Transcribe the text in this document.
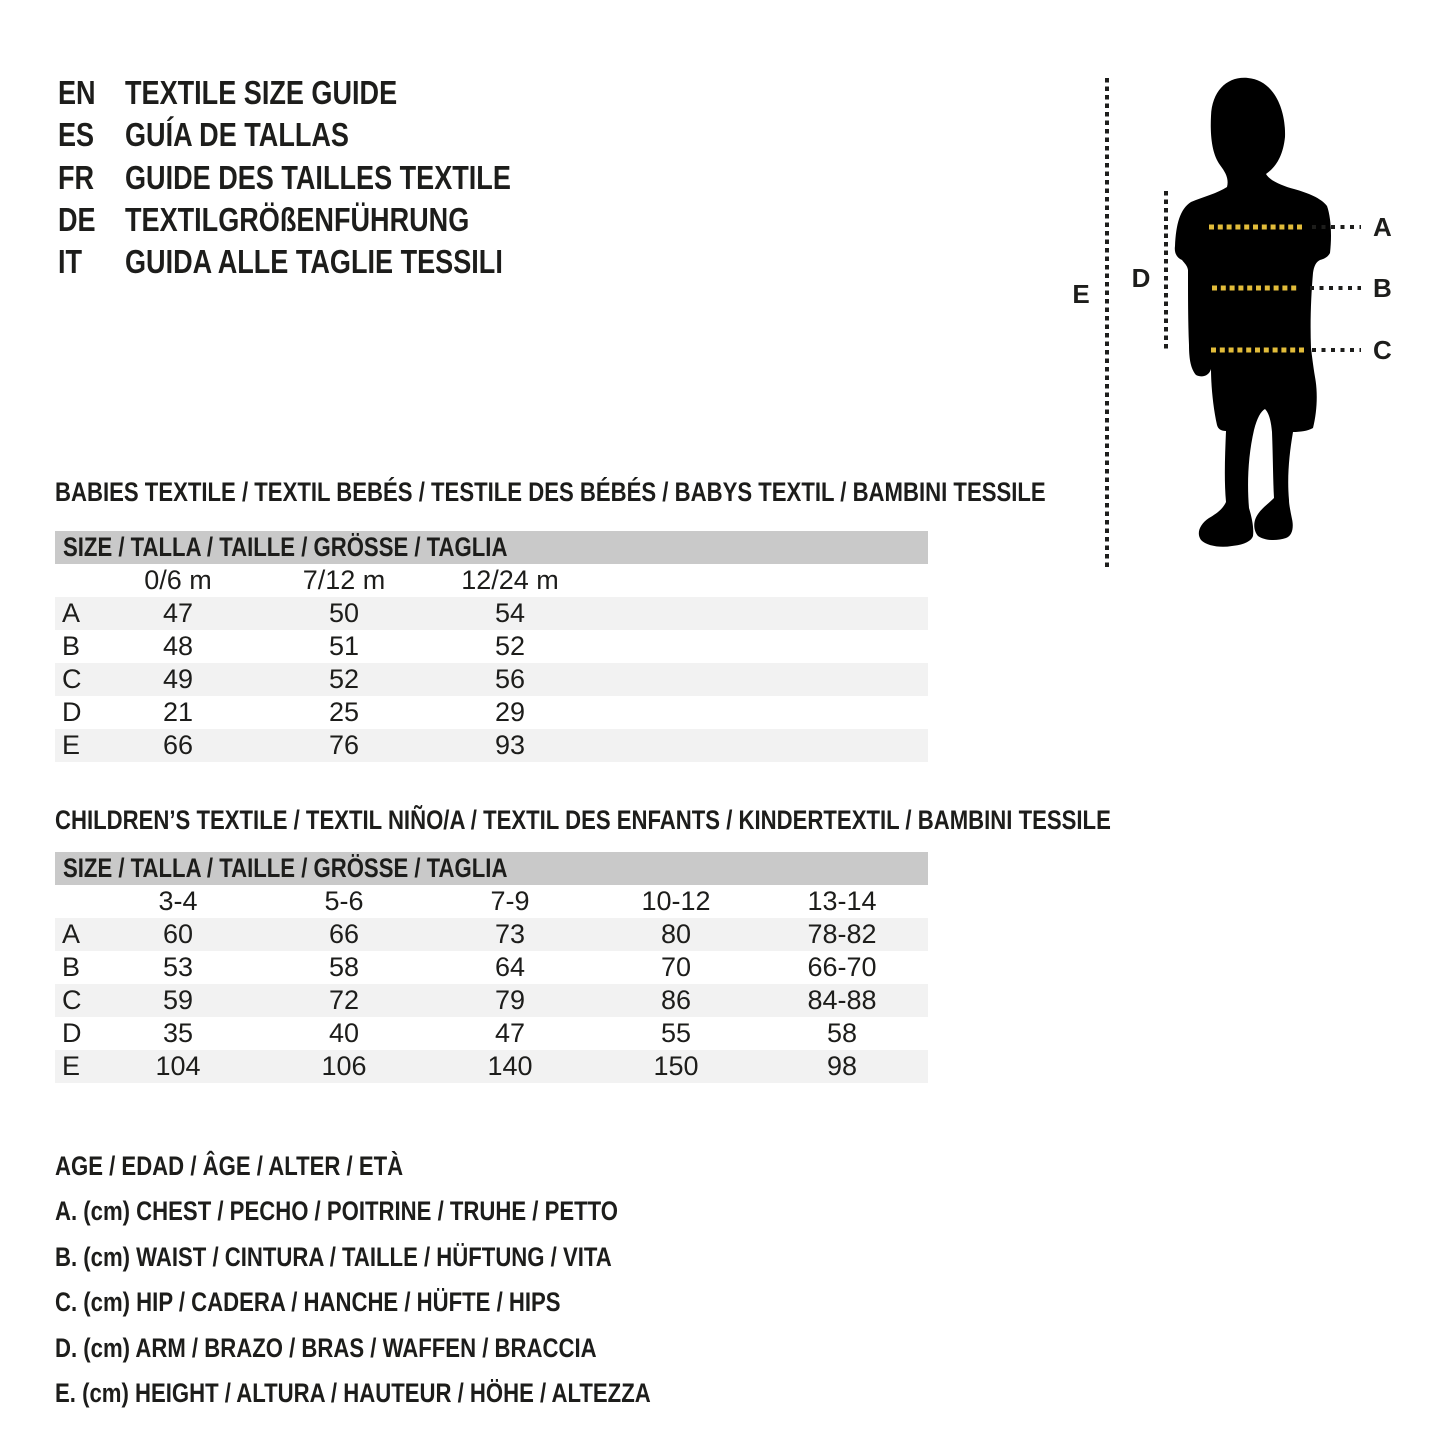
EN TEXTILE SIZE GUIDE
ES GUÍA DE TALLAS
FR GUIDE DES TAILLES TEXTILE
DE TEXTILGRÖßENFÜHRUNG
IT	GUIDA ALLE TAGLIE TESSILI
A
B
C
D
E
BABIES TEXTILE / TEXTIL BEBÉS / TESTILE DES BÉBÉS / BABYS TEXTIL / BAMBINI TESSILE
SIZE / TALLA / TAILLE / GRÖSSE / TAGLIA				
	0/6 m	7/12 m	12/24 m	
A	47	50	54	
B	48	51	52	
C	49	52	56	
D	21	25	29	
E	66	76	93	
CHILDREN’S TEXTILE / TEXTIL NIÑO/A / TEXTIL DES ENFANTS / KINDERTEXTIL / BAMBINI TESSILE
SIZE / TALLA / TAILLE / GRÖSSE / TAGLIA						
	3-4	5-6	7-9	10-12	13-14	
A	60	66	73	80	78-82	
B	53	58	64	70	66-70	
C	59	72	79	86	84-88	
D	35	40	47	55	58	
E	104	106	140	150	98	
AGE / EDAD / ÂGE / ALTER / ETÀ
A. (cm) CHEST / PECHO / POITRINE / TRUHE / PETTO
B. (cm) WAIST / CINTURA / TAILLE / HÜFTUNG / VITA
C. (cm) HIP / CADERA / HANCHE / HÜFTE / HIPS
D. (cm) ARM / BRAZO / BRAS / WAFFEN / BRACCIA
E. (cm) HEIGHT / ALTURA / HAUTEUR / HÖHE / ALTEZZA
